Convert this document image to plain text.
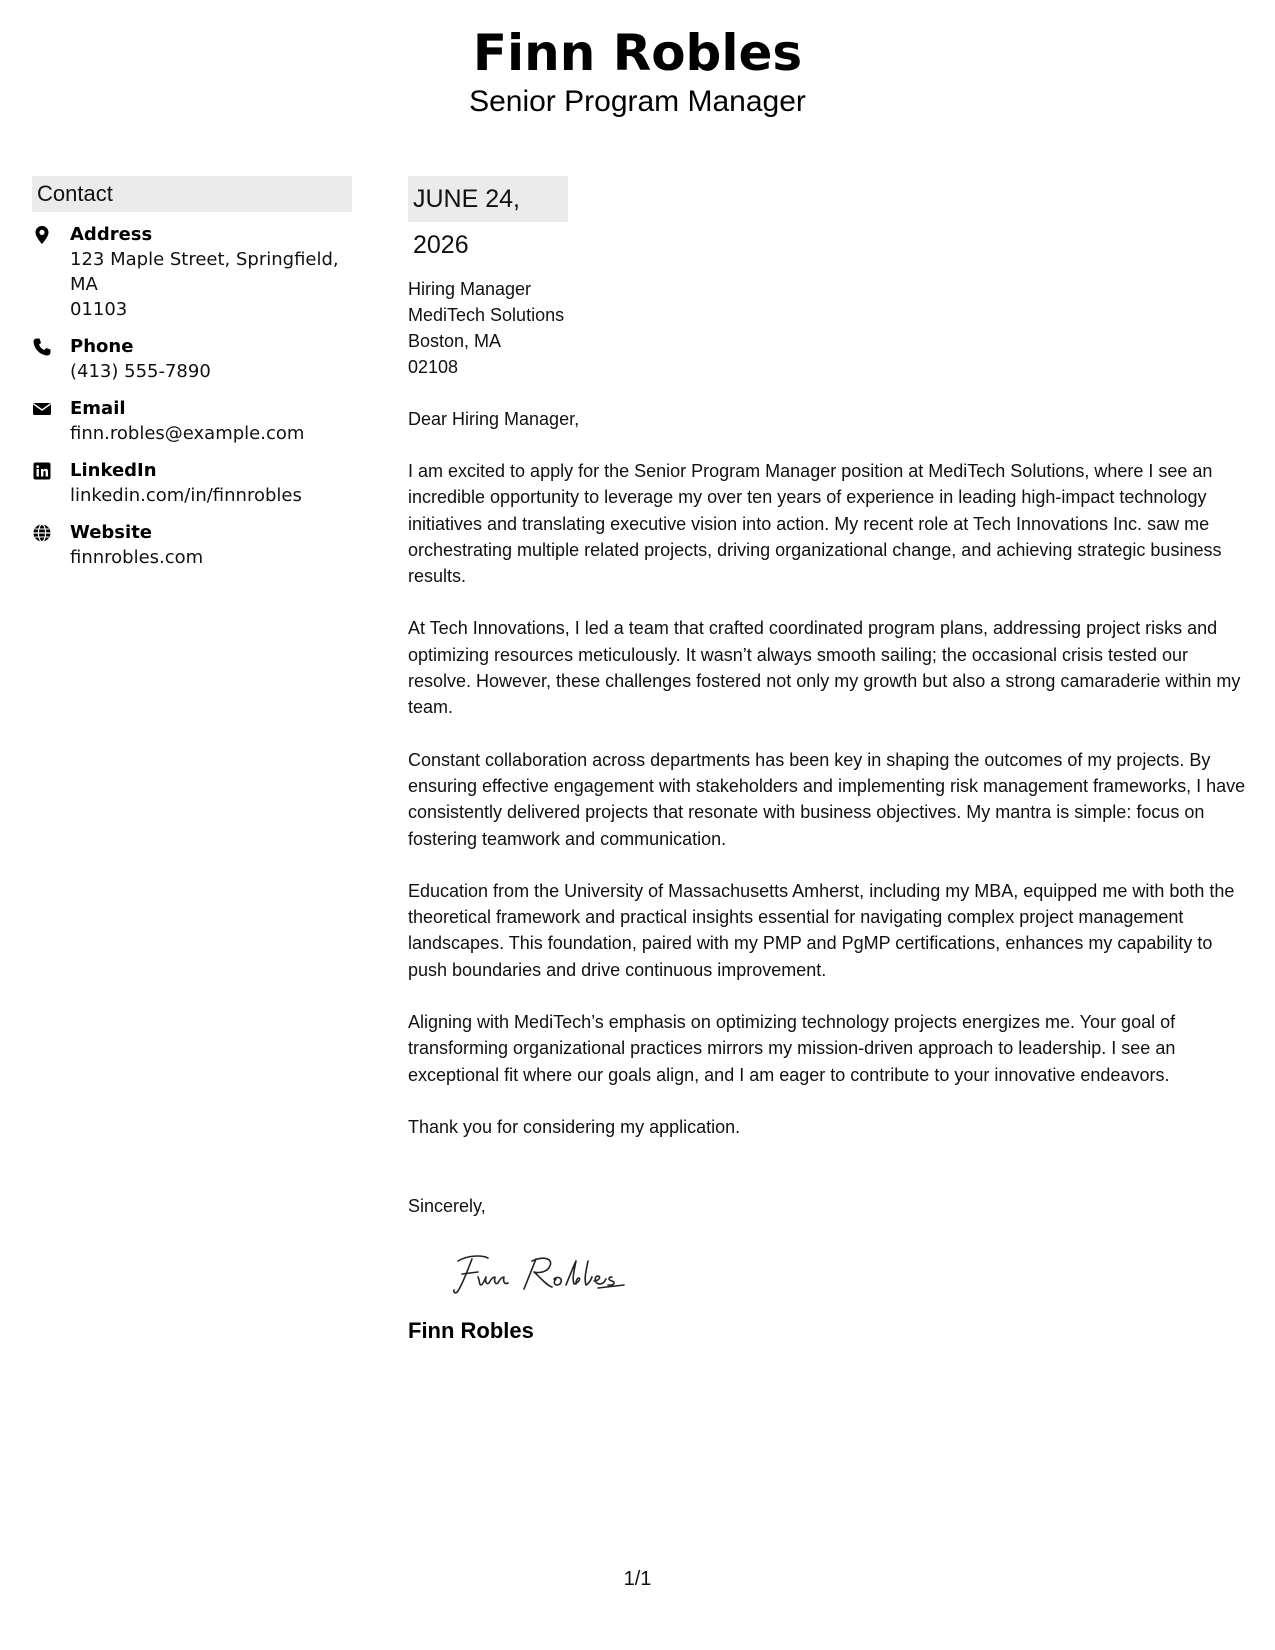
Finn Robles
Senior Program Manager
Contact
Address
123 Maple Street, Springfield, MA
01103
Phone
(413) 555-7890
Email
finn.robles@example.com
LinkedIn
linkedin.com/in/finnrobles
Website
finnrobles.com
JUNE 24, 2026
Hiring Manager
MediTech Solutions
Boston, MA
02108
Dear Hiring Manager,
I am excited to apply for the Senior Program Manager position at MediTech Solutions, where I see an incredible opportunity to leverage my over ten years of experience in leading high-impact technology initiatives and translating executive vision into action. My recent role at Tech Innovations Inc. saw me orchestrating multiple related projects, driving organizational change, and achieving strategic business results.
At Tech Innovations, I led a team that crafted coordinated program plans, addressing project risks and optimizing resources meticulously. It wasn’t always smooth sailing; the occasional crisis tested our resolve. However, these challenges fostered not only my growth but also a strong camaraderie within my team.
Constant collaboration across departments has been key in shaping the outcomes of my projects. By ensuring effective engagement with stakeholders and implementing risk management frameworks, I have consistently delivered projects that resonate with business objectives. My mantra is simple: focus on fostering teamwork and communication.
Education from the University of Massachusetts Amherst, including my MBA, equipped me with both the theoretical framework and practical insights essential for navigating complex project management landscapes. This foundation, paired with my PMP and PgMP certifications, enhances my capability to push boundaries and drive continuous improvement.
Aligning with MediTech’s emphasis on optimizing technology projects energizes me. Your goal of transforming organizational practices mirrors my mission-driven approach to leadership. I see an exceptional fit where our goals align, and I am eager to contribute to your innovative endeavors.
Thank you for considering my application.
Sincerely,
Finn Robles
1/1
